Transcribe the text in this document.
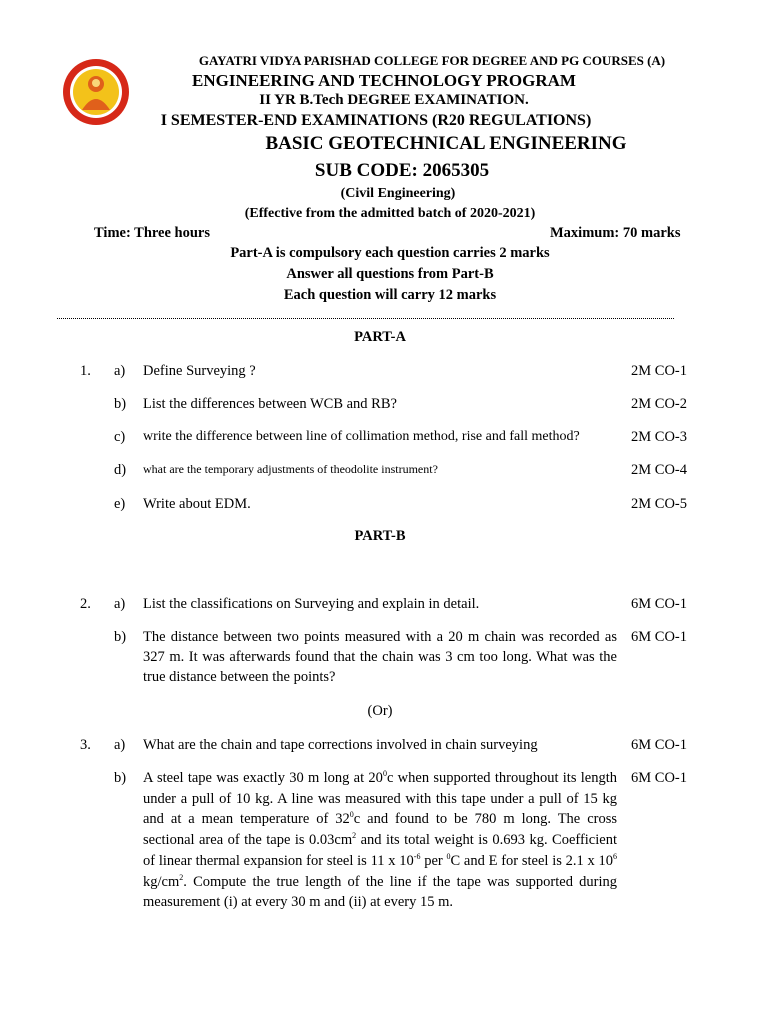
GAYATRI VIDYA PARISHAD COLLEGE FOR DEGREE AND PG COURSES (A)
ENGINEERING AND TECHNOLOGY PROGRAM
II YR B.Tech DEGREE EXAMINATION.
I SEMESTER-END EXAMINATIONS (R20 REGULATIONS)
BASIC GEOTECHNICAL ENGINEERING
SUB CODE: 2065305
(Civil Engineering)
(Effective from the admitted batch of 2020-2021)
Time: Three hours	Maximum: 70 marks
Part-A is compulsory each question carries 2 marks
Answer all questions from Part-B
Each question will carry 12 marks
PART-A
1. a) Define Surveying ?	2M CO-1
b) List the differences between WCB and RB?	2M CO-2
c) write the difference between line of collimation method, rise and fall method?	2M CO-3
d) what are the temporary adjustments of theodolite instrument?	2M CO-4
e) Write about EDM.	2M CO-5
PART-B
2. a) List the classifications on Surveying and explain in detail.	6M CO-1
b) The distance between two points measured with a 20 m chain was recorded as 327 m. It was afterwards found that the chain was 3 cm too long. What was the true distance between the points?
6M CO-1
(Or)
3. a) What are the chain and tape corrections involved in chain surveying	6M CO-1
b) A steel tape was exactly 30 m long at $20^0c$ when supported throughout its length under a pull of 10 kg. A line was measured with this tape under a pull of 15 kg and at a mean temperature of $32^0c$ and found to be 780 m long. The cross sectional area of the tape is $0.03cm^2$ and its total weight is 0.693 kg. Coefficient of linear thermal expansion for steel is 11 x $10^{-6}$ per $^0$C and E for steel is 2.1 x $10^6$ $kg/cm^2$. Compute the true length of the line if the tape was supported during measurement (i) at every 30 m and (ii) at every 15 m.
6M CO-1
